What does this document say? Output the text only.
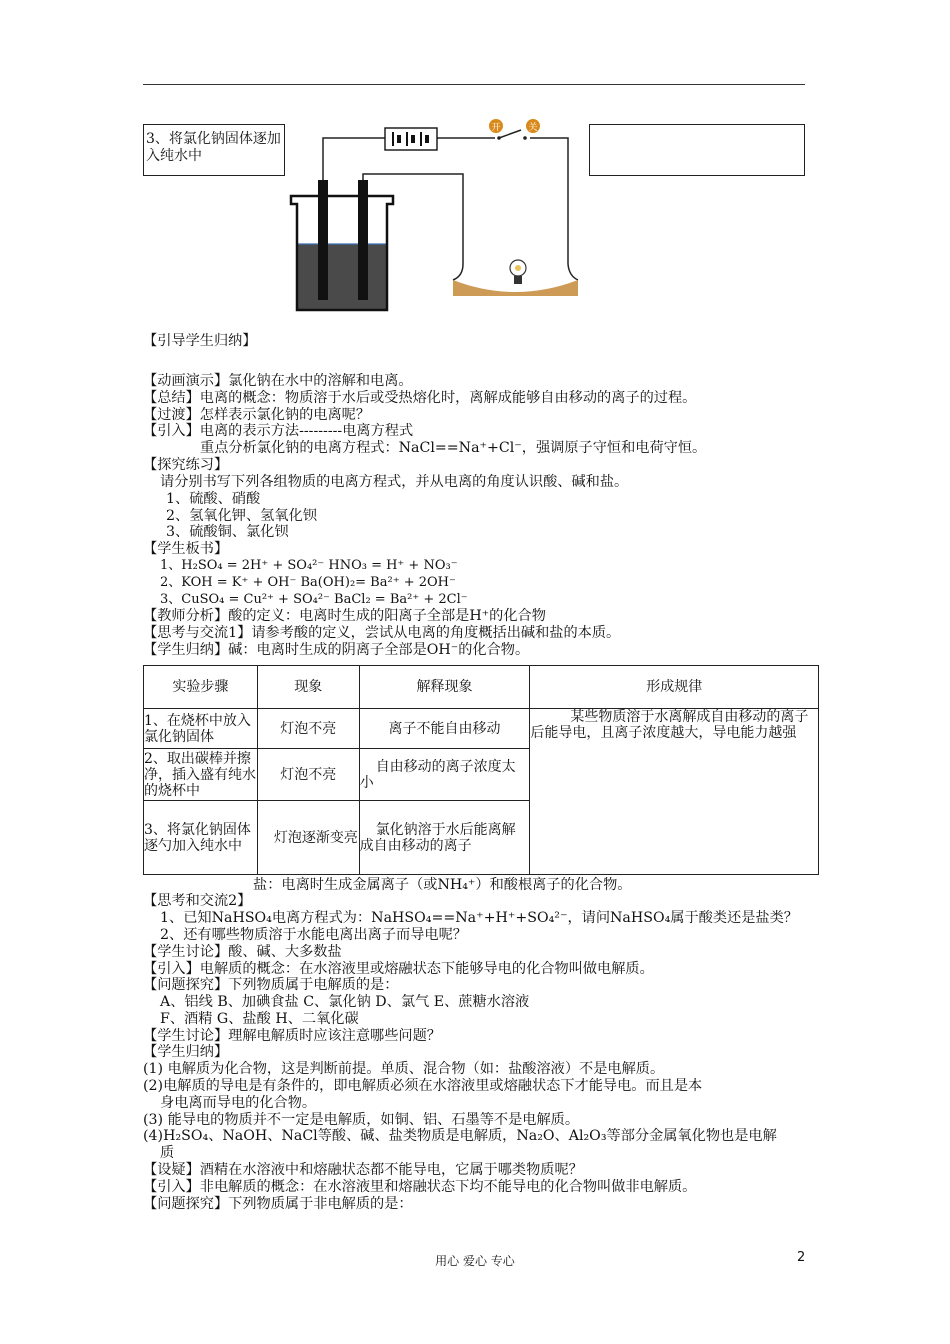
3、将氯化钠固体逐加入纯水中
开	关
【引导学生归纳】
【动画演示】氯化钠在水中的溶解和电离。
【总结】电离的概念：物质溶于水后或受热熔化时，离解成能够自由移动的离子的过程。
【过渡】怎样表示氯化钠的电离呢？
【引入】电离的表示方法---------电离方程式
重点分析氯化钠的电离方程式：NaCl==Na⁺+Cl⁻，强调原子守恒和电荷守恒。
【探究练习】
请分别书写下列各组物质的电离方程式，并从电离的角度认识酸、碱和盐。
1、硫酸、硝酸
2、氢氧化钾、氢氧化钡
3、硫酸铜、氯化钡
【学生板书】
1、H₂SO₄ = 2H⁺ + SO₄²⁻ HNO₃ = H⁺ + NO₃⁻
2、KOH = K⁺ + OH⁻ Ba(OH)₂= Ba²⁺ + 2OH⁻
3、CuSO₄ = Cu²⁺ + SO₄²⁻ BaCl₂ = Ba²⁺ + 2Cl⁻
【教师分析】酸的定义：电离时生成的阳离子全部是H⁺的化合物
【思考与交流1】请参考酸的定义，尝试从电离的角度概括出碱和盐的本质。
【学生归纳】碱：电离时生成的阴离子全部是OH⁻的化合物。
实验步骤	现象	解释现象	形成规律
1、在烧杯中放入氯化钠固体	灯泡不亮	离子不能自由移动	某些物质溶于水离解成自由移动的离子后能导电，且离子浓度越大，导电能力越强
2、取出碳棒并擦净，插入盛有纯水的烧杯中	灯泡不亮	自由移动的离子浓度太小	
3、将氯化钠固体逐勺加入纯水中	灯泡逐渐变亮	氯化钠溶于水后能离解成自由移动的离子	
盐：电离时生成金属离子（或NH₄⁺）和酸根离子的化合物。
【思考和交流2】
1、已知NaHSO₄电离方程式为：NaHSO₄==Na⁺+H⁺+SO₄²⁻，请问NaHSO₄属于酸类还是盐类？
2、还有哪些物质溶于水能电离出离子而导电呢？
【学生讨论】酸、碱、大多数盐
【引入】电解质的概念：在水溶液里或熔融状态下能够导电的化合物叫做电解质。
【问题探究】下列物质属于电解质的是：
A、铝线 B、加碘食盐 C、氯化钠 D、氯气 E、蔗糖水溶液
F、酒精 G、盐酸 H、二氧化碳
【学生讨论】理解电解质时应该注意哪些问题？
【学生归纳】
(1) 电解质为化合物，这是判断前提。单质、混合物（如：盐酸溶液）不是电解质。
(2)电解质的导电是有条件的，即电解质必须在水溶液里或熔融状态下才能导电。而且是本
身电离而导电的化合物。
(3) 能导电的物质并不一定是电解质，如铜、铝、石墨等不是电解质。
(4)H₂SO₄、NaOH、NaCl等酸、碱、盐类物质是电解质，Na₂O、Al₂O₃等部分金属氧化物也是电解
质
【设疑】酒精在水溶液中和熔融状态都不能导电，它属于哪类物质呢？
【引入】非电解质的概念：在水溶液里和熔融状态下均不能导电的化合物叫做非电解质。
【问题探究】下列物质属于非电解质的是：
用心 爱心 专心	2
